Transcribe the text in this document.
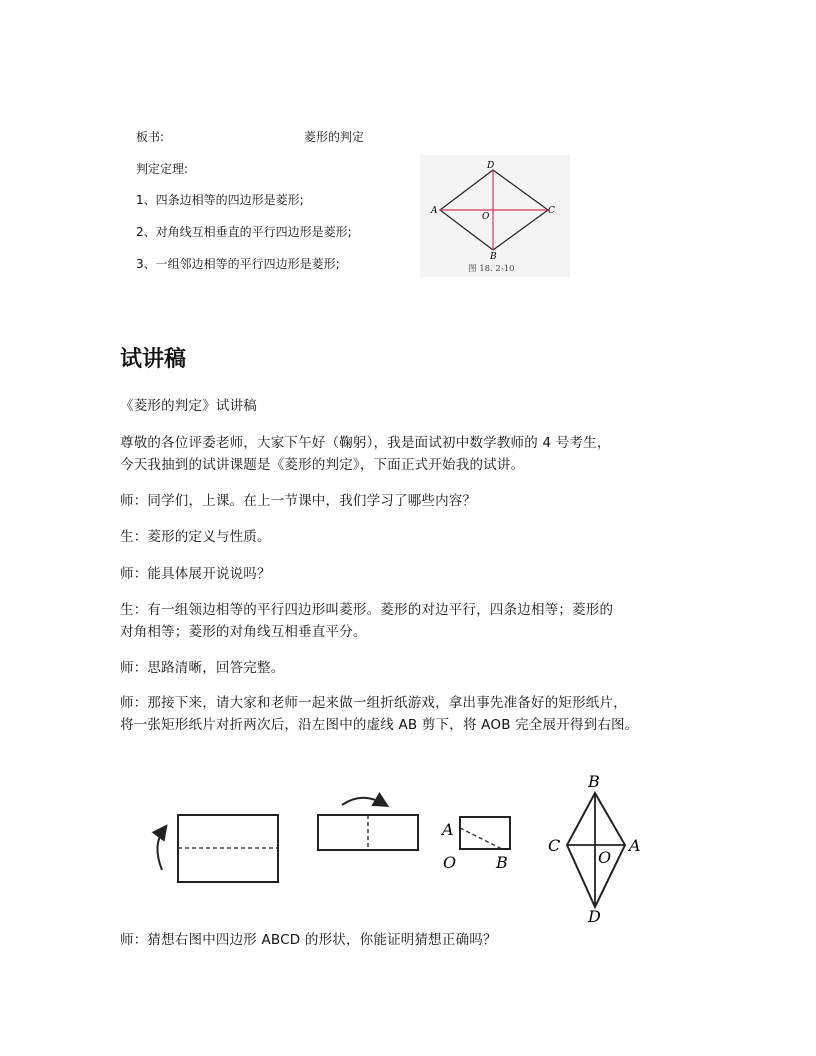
板书:	菱形的判定
判定定理:
1、四条边相等的四边形是菱形;
2、对角线互相垂直的平行四边形是菱形;
3、一组邻边相等的平行四边形是菱形;
D
A	C
O
B
图 18. 2-10
试讲稿
《菱形的判定》试讲稿
尊敬的各位评委老师，大家下午好（鞠躬），我是面试初中数学教师的 4 号考生，
今天我抽到的试讲课题是《菱形的判定》，下面正式开始我的试讲。
师：同学们，上课。在上一节课中，我们学习了哪些内容？
生：菱形的定义与性质。
师：能具体展开说说吗？
生：有一组领边相等的平行四边形叫菱形。菱形的对边平行，四条边相等；菱形的
对角相等；菱形的对角线互相垂直平分。
师：思路清晰，回答完整。
师：那接下来，请大家和老师一起来做一组折纸游戏，拿出事先准备好的矩形纸片，
将一张矩形纸片对折两次后，沿左图中的虚线 AB 剪下，将 AOB 完全展开得到右图。
A
O B
B
C	A
O
D
师：猜想右图中四边形 ABCD 的形状，你能证明猜想正确吗？
